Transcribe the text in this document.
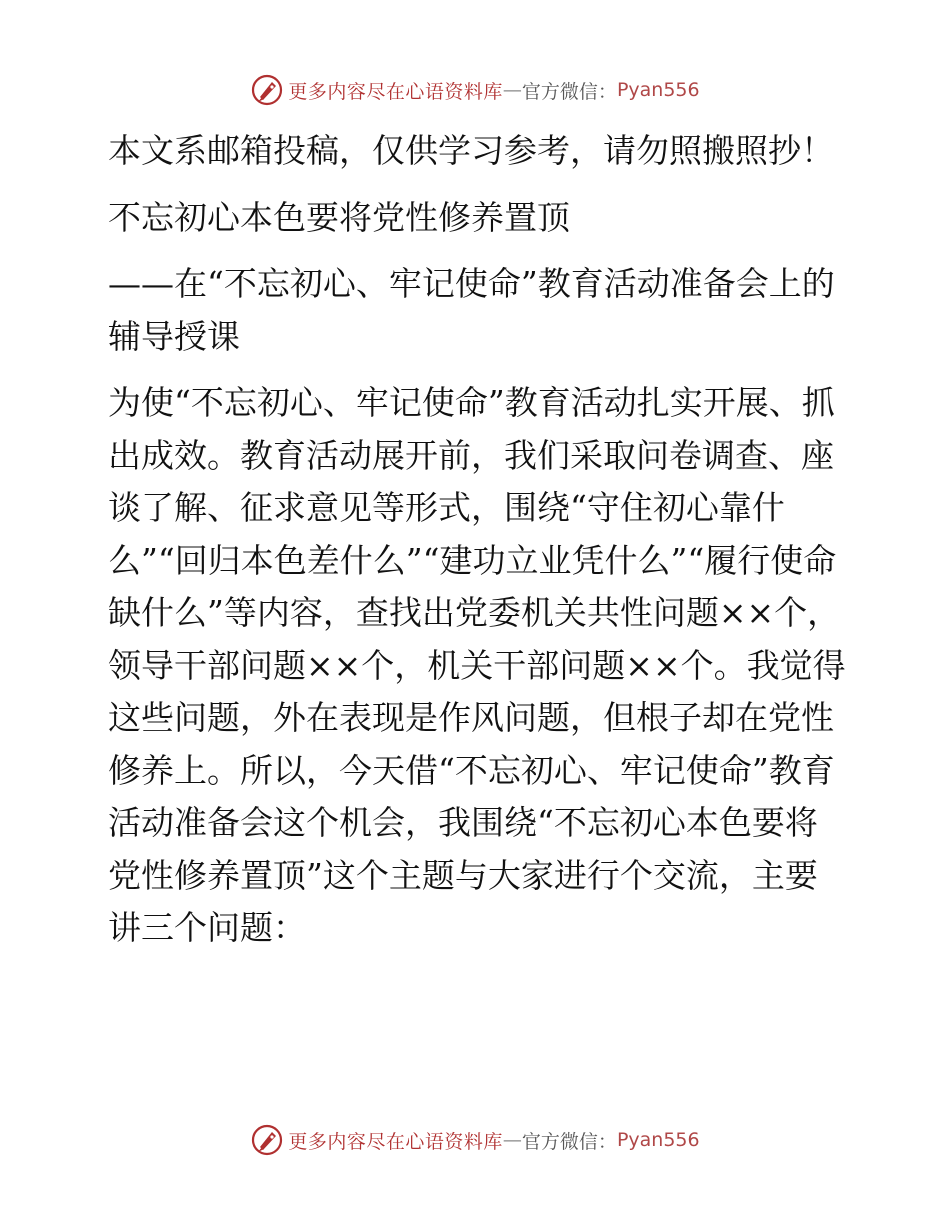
更多内容尽在心语资料库 — 官方微信： Pyan556

本文系邮箱投稿，仅供学习参考，请勿照搬照抄！

不忘初心本色要将党性修养置顶

——在“不忘初心、牢记使命”教育活动准备会上的辅导授课

为使“不忘初心、牢记使命”教育活动扎实开展、抓出成效。教育活动展开前，我们采取问卷调查、座谈了解、征求意见等形式，围绕“守住初心靠什么”“回归本色差什么”“建功立业凭什么”“履行使命缺什么”等内容，查找出党委机关共性问题××个，领导干部问题××个，机关干部问题××个。我觉得这些问题，外在表现是作风问题，但根子却在党性修养上。所以，今天借“不忘初心、牢记使命”教育活动准备会这个机会，我围绕“不忘初心本色要将党性修养置顶”这个主题与大家进行个交流，主要讲三个问题：

更多内容尽在心语资料库 — 官方微信： Pyan556
